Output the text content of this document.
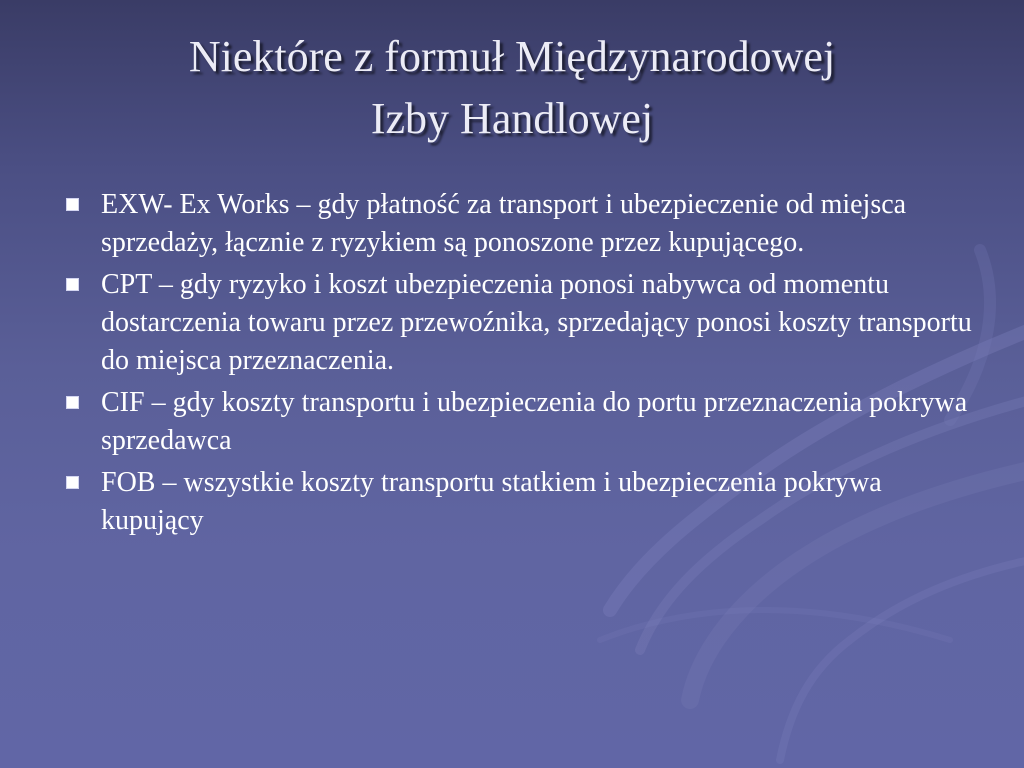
Niektóre z formuł Międzynarodowej
Izby Handlowej
EXW- Ex Works – gdy płatność za transport i ubezpieczenie od miejsca sprzedaży, łącznie z ryzykiem są ponoszone przez kupującego.
CPT – gdy ryzyko i koszt ubezpieczenia ponosi nabywca od momentu dostarczenia towaru przez przewoźnika, sprzedający ponosi koszty transportu do miejsca przeznaczenia.
CIF – gdy koszty transportu i ubezpieczenia do portu przeznaczenia pokrywa sprzedawca
FOB – wszystkie koszty transportu statkiem i ubezpieczenia pokrywa kupujący
